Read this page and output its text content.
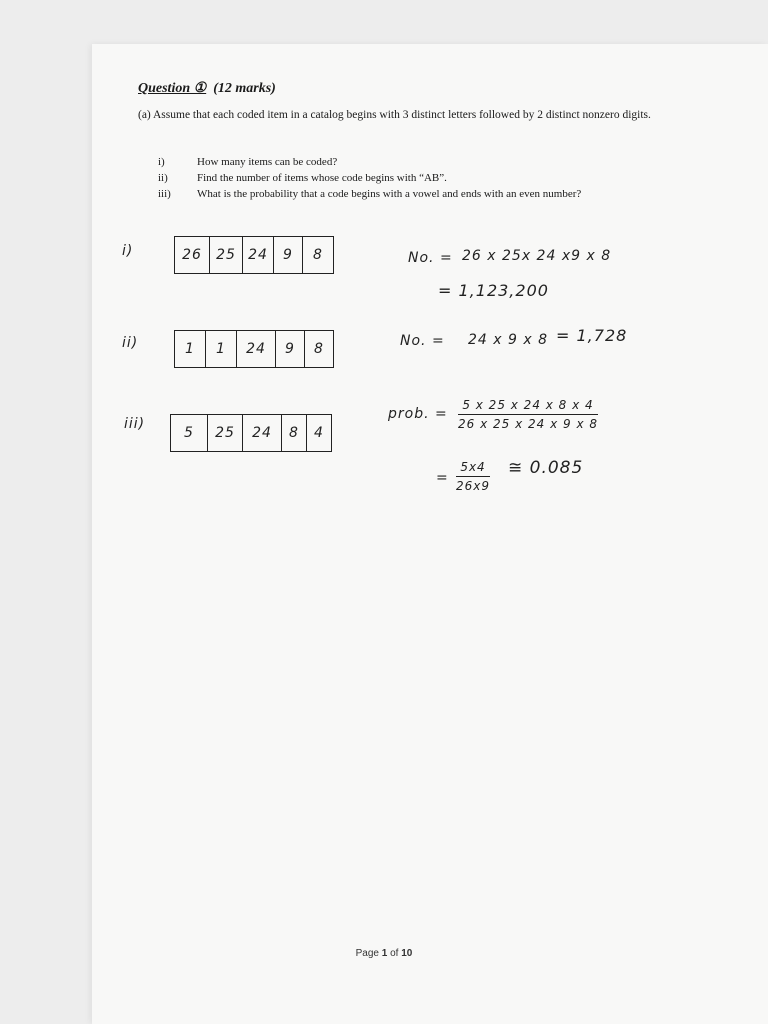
Question ① (12 marks)
(a) Assume that each coded item in a catalog begins with 3 distinct letters followed by 2 distinct nonzero digits.
i)	How many items can be coded?
ii)	Find the number of items whose code begins with “AB”.
iii)	What is the probability that a code begins with a vowel and ends with an even number?
i)	26	25 24	9	8	No. = 26 x 25x 24 x9 x 8
= 1,123,200
ii)	1	1	24	9	8	No. = 24 x 9 x 8 = 1,728
iii)
5	25	24	8	4
prob. =
5 x 25 x 24 x 8 x 4
26 x 25 x 24 x 9 x 8
=
5x4
26x9
≅ 0.085
Page 1 of 10
